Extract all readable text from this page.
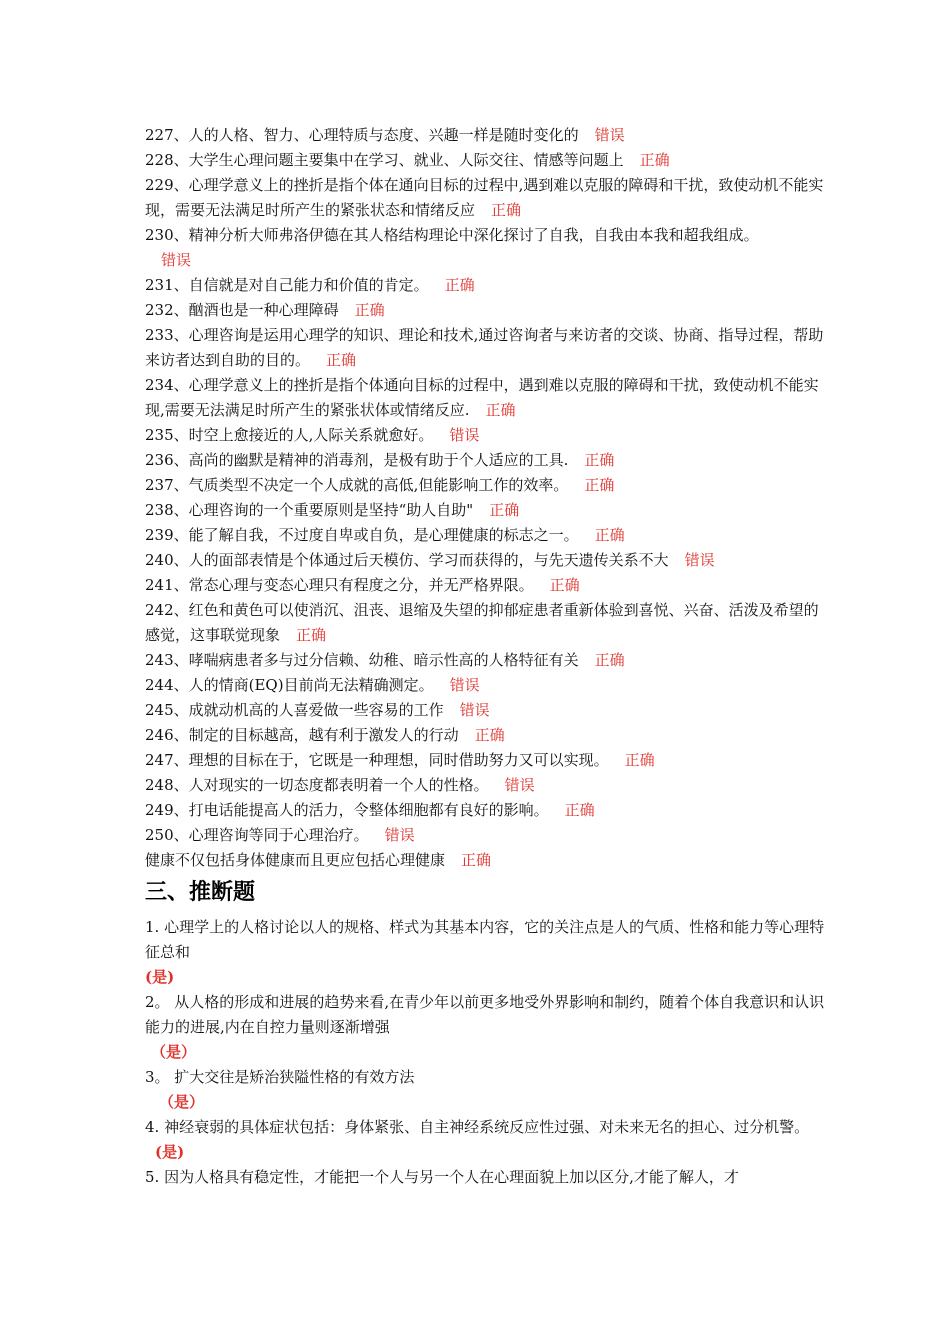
227、人的人格、智力、心理特质与态度、兴趣一样是随时变化的 错误

228、大学生心理问题主要集中在学习、就业、人际交往、情感等问题上 正确

229、心理学意义上的挫折是指个体在通向目标的过程中,遇到难以克服的障碍和干扰，致使动机不能实现，需要无法满足时所产生的紧张状态和情绪反应 正确

230、精神分析大师弗洛伊德在其人格结构理论中深化探讨了自我，自我由本我和超我组成。
错误

231、自信就是对自己能力和价值的肯定。 正确

232、酗酒也是一种心理障碍 正确

233、心理咨询是运用心理学的知识、理论和技术,通过咨询者与来访者的交谈、协商、指导过程，帮助来访者达到自助的目的。 正确

234、心理学意义上的挫折是指个体通向目标的过程中，遇到难以克服的障碍和干扰，致使动机不能实现,需要无法满足时所产生的紧张状体或情绪反应. 正确

235、时空上愈接近的人,人际关系就愈好。 错误

236、高尚的幽默是精神的消毒剂，是极有助于个人适应的工具. 正确

237、气质类型不决定一个人成就的高低,但能影响工作的效率。 正确

238、心理咨询的一个重要原则是坚持“助人自助" 正确

239、能了解自我，不过度自卑或自负，是心理健康的标志之一。 正确

240、人的面部表情是个体通过后天模仿、学习而获得的，与先天遗传关系不大 错误

241、常态心理与变态心理只有程度之分，并无严格界限。 正确

242、红色和黄色可以使消沉、沮丧、退缩及失望的抑郁症患者重新体验到喜悦、兴奋、活泼及希望的感觉，这事联觉现象 正确

243、哮喘病患者多与过分信赖、幼稚、暗示性高的人格特征有关 正确

244、人的情商(EQ)目前尚无法精确测定。 错误

245、成就动机高的人喜爱做一些容易的工作 错误

246、制定的目标越高，越有利于激发人的行动 正确

247、理想的目标在于，它既是一种理想，同时借助努力又可以实现。 正确

248、人对现实的一切态度都表明着一个人的性格。 错误

249、打电话能提高人的活力，令整体细胞都有良好的影响。 正确

250、心理咨询等同于心理治疗。 错误

健康不仅包括身体健康而且更应包括心理健康 正确

三、推断题

1. 心理学上的人格讨论以人的规格、样式为其基本内容，它的关注点是人的气质、性格和能力等心理特征总和

(是)

2。 从人格的形成和进展的趋势来看,在青少年以前更多地受外界影响和制约，随着个体自我意识和认识能力的进展,内在自控力量则逐渐增强

（是）

3。 扩大交往是矫治狭隘性格的有效方法

（是）

4. 神经衰弱的具体症状包括：身体紧张、自主神经系统反应性过强、对未来无名的担心、过分机警。

(是)

5. 因为人格具有稳定性，才能把一个人与另一个人在心理面貌上加以区分,才能了解人，才
